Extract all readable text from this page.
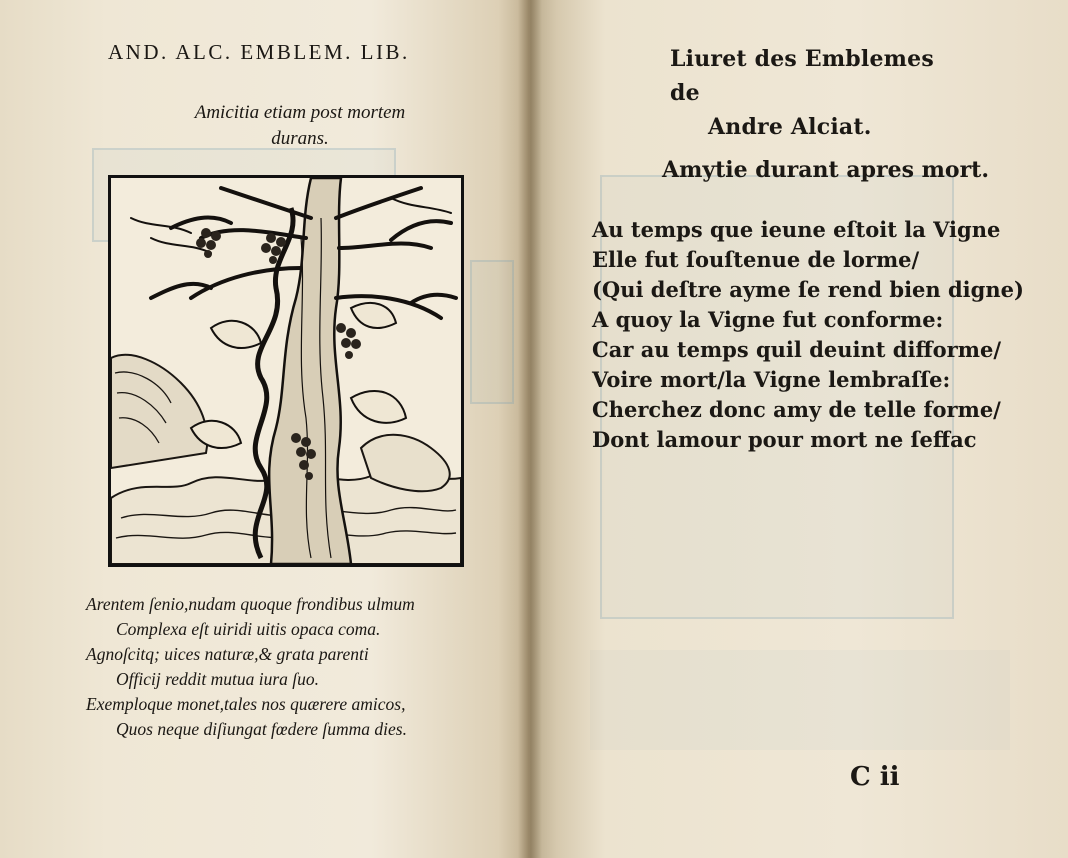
AND. ALC. EMBLEM. LIB.
Amicitia etiam post mortem
durans.
Arentem ſenio,nudam quoque frondibus ulmum
Complexa eſt uiridi uitis opaca coma.
Agnoſcitq; uices naturæ,& grata parenti
Officij reddit mutua iura ſuo.
Exemploque monet,tales nos quærere amicos,
Quos neque diſiungat fœdere ſumma dies.
Liuret des Emblemes de
Andre Alciat.
Amytie durant apres mort.
Au temps que ieune eſtoit la Vigne
Elle fut ſouſtenue de lorme/
(Qui deſtre ayme ſe rend bien digne)
A quoy la Vigne fut conforme:
Car au temps quil deuint difforme/
Voire mort/la Vigne lembraſſe:
Cherchez donc amy de telle forme/
Dont lamour pour mort ne ſeffac
C ii
